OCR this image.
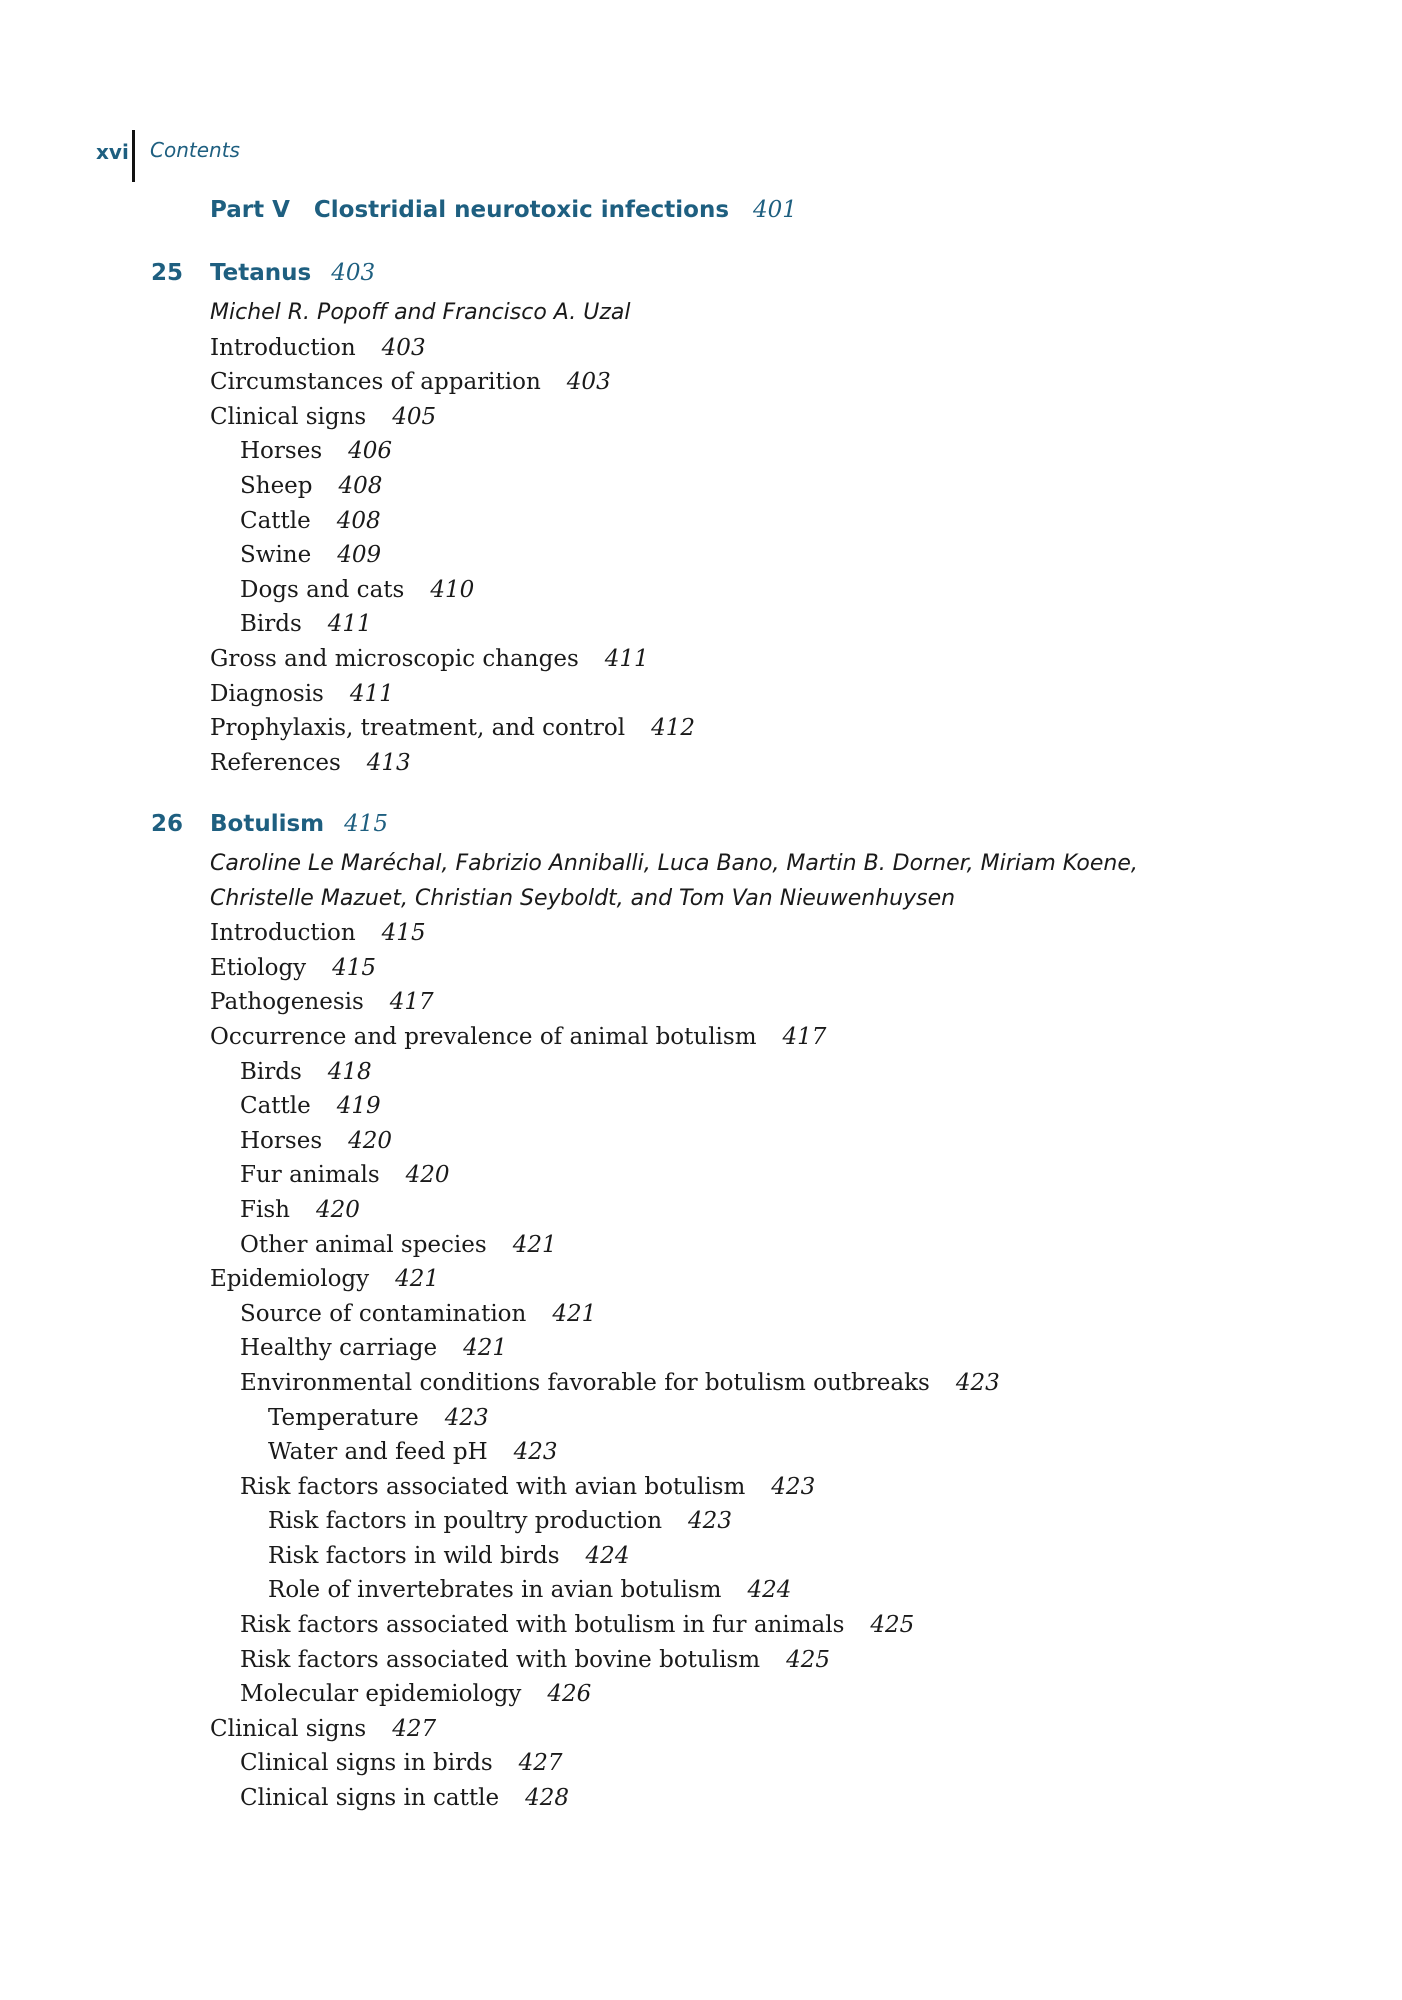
xvi Contents
Part V Clostridial neurotoxic infections 401
25 Tetanus 403
Michel R. Popoff and Francisco A. Uzal
Introduction 403
Circumstances of apparition 403
Clinical signs 405
Horses 406
Sheep 408
Cattle 408
Swine 409
Dogs and cats 410
Birds 411
Gross and microscopic changes 411
Diagnosis 411
Prophylaxis, treatment, and control 412
References 413
26 Botulism 415
Caroline Le Maréchal, Fabrizio Anniballi, Luca Bano, Martin B. Dorner, Miriam Koene, Christelle Mazuet, Christian Seyboldt, and Tom Van Nieuwenhuysen
Introduction 415
Etiology 415
Pathogenesis 417
Occurrence and prevalence of animal botulism 417
Birds 418
Cattle 419
Horses 420
Fur animals 420
Fish 420
Other animal species 421
Epidemiology 421
Source of contamination 421
Healthy carriage 421
Environmental conditions favorable for botulism outbreaks 423
Temperature 423
Water and feed pH 423
Risk factors associated with avian botulism 423
Risk factors in poultry production 423
Risk factors in wild birds 424
Role of invertebrates in avian botulism 424
Risk factors associated with botulism in fur animals 425
Risk factors associated with bovine botulism 425
Molecular epidemiology 426
Clinical signs 427
Clinical signs in birds 427
Clinical signs in cattle 428
